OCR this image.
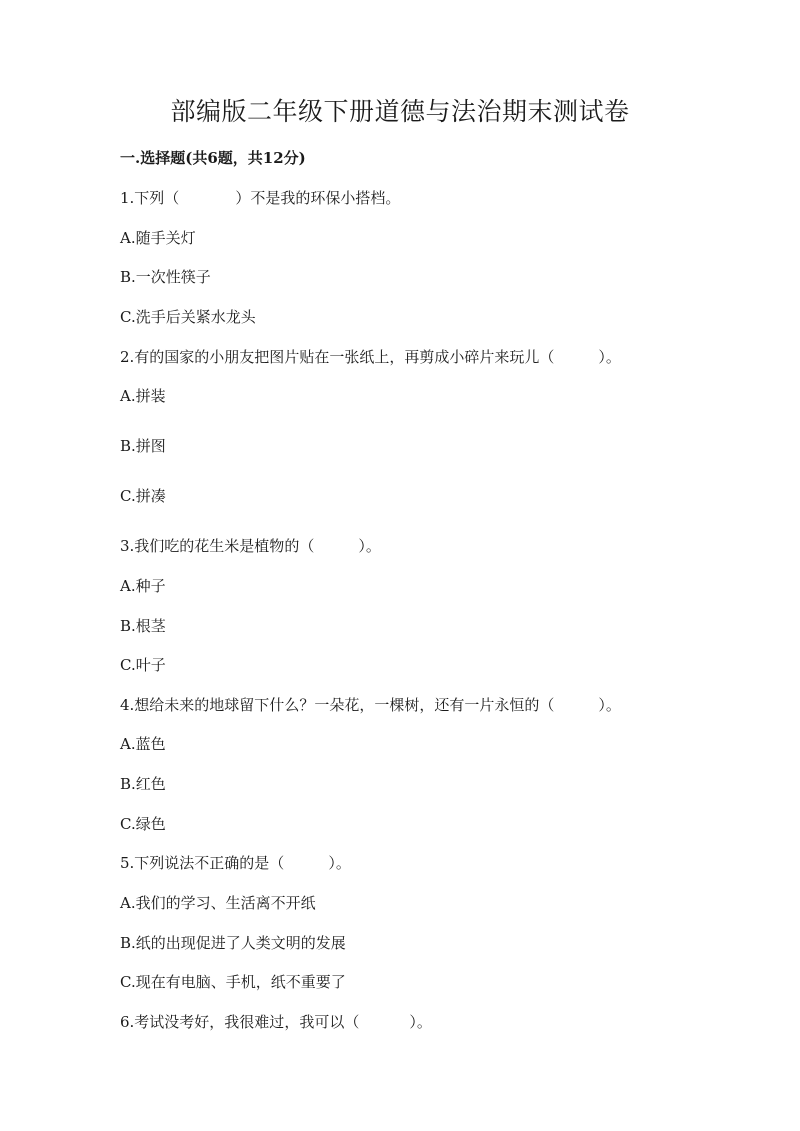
部编版二年级下册道德与法治期末测试卷
一.选择题(共6题，共12分)
1.下列（	）不是我的环保小搭档。
A.随手关灯
B.一次性筷子
C.洗手后关紧水龙头
2.有的国家的小朋友把图片贴在一张纸上，再剪成小碎片来玩儿（	）。
A.拼装
B.拼图
C.拼凑
3.我们吃的花生米是植物的（	）。
A.种子
B.根茎
C.叶子
4.想给未来的地球留下什么？一朵花，一棵树，还有一片永恒的（	）。
A.蓝色
B.红色
C.绿色
5.下列说法不正确的是（	）。
A.我们的学习、生活离不开纸
B.纸的出现促进了人类文明的发展
C.现在有电脑、手机，纸不重要了
6.考试没考好，我很难过，我可以（	）。
